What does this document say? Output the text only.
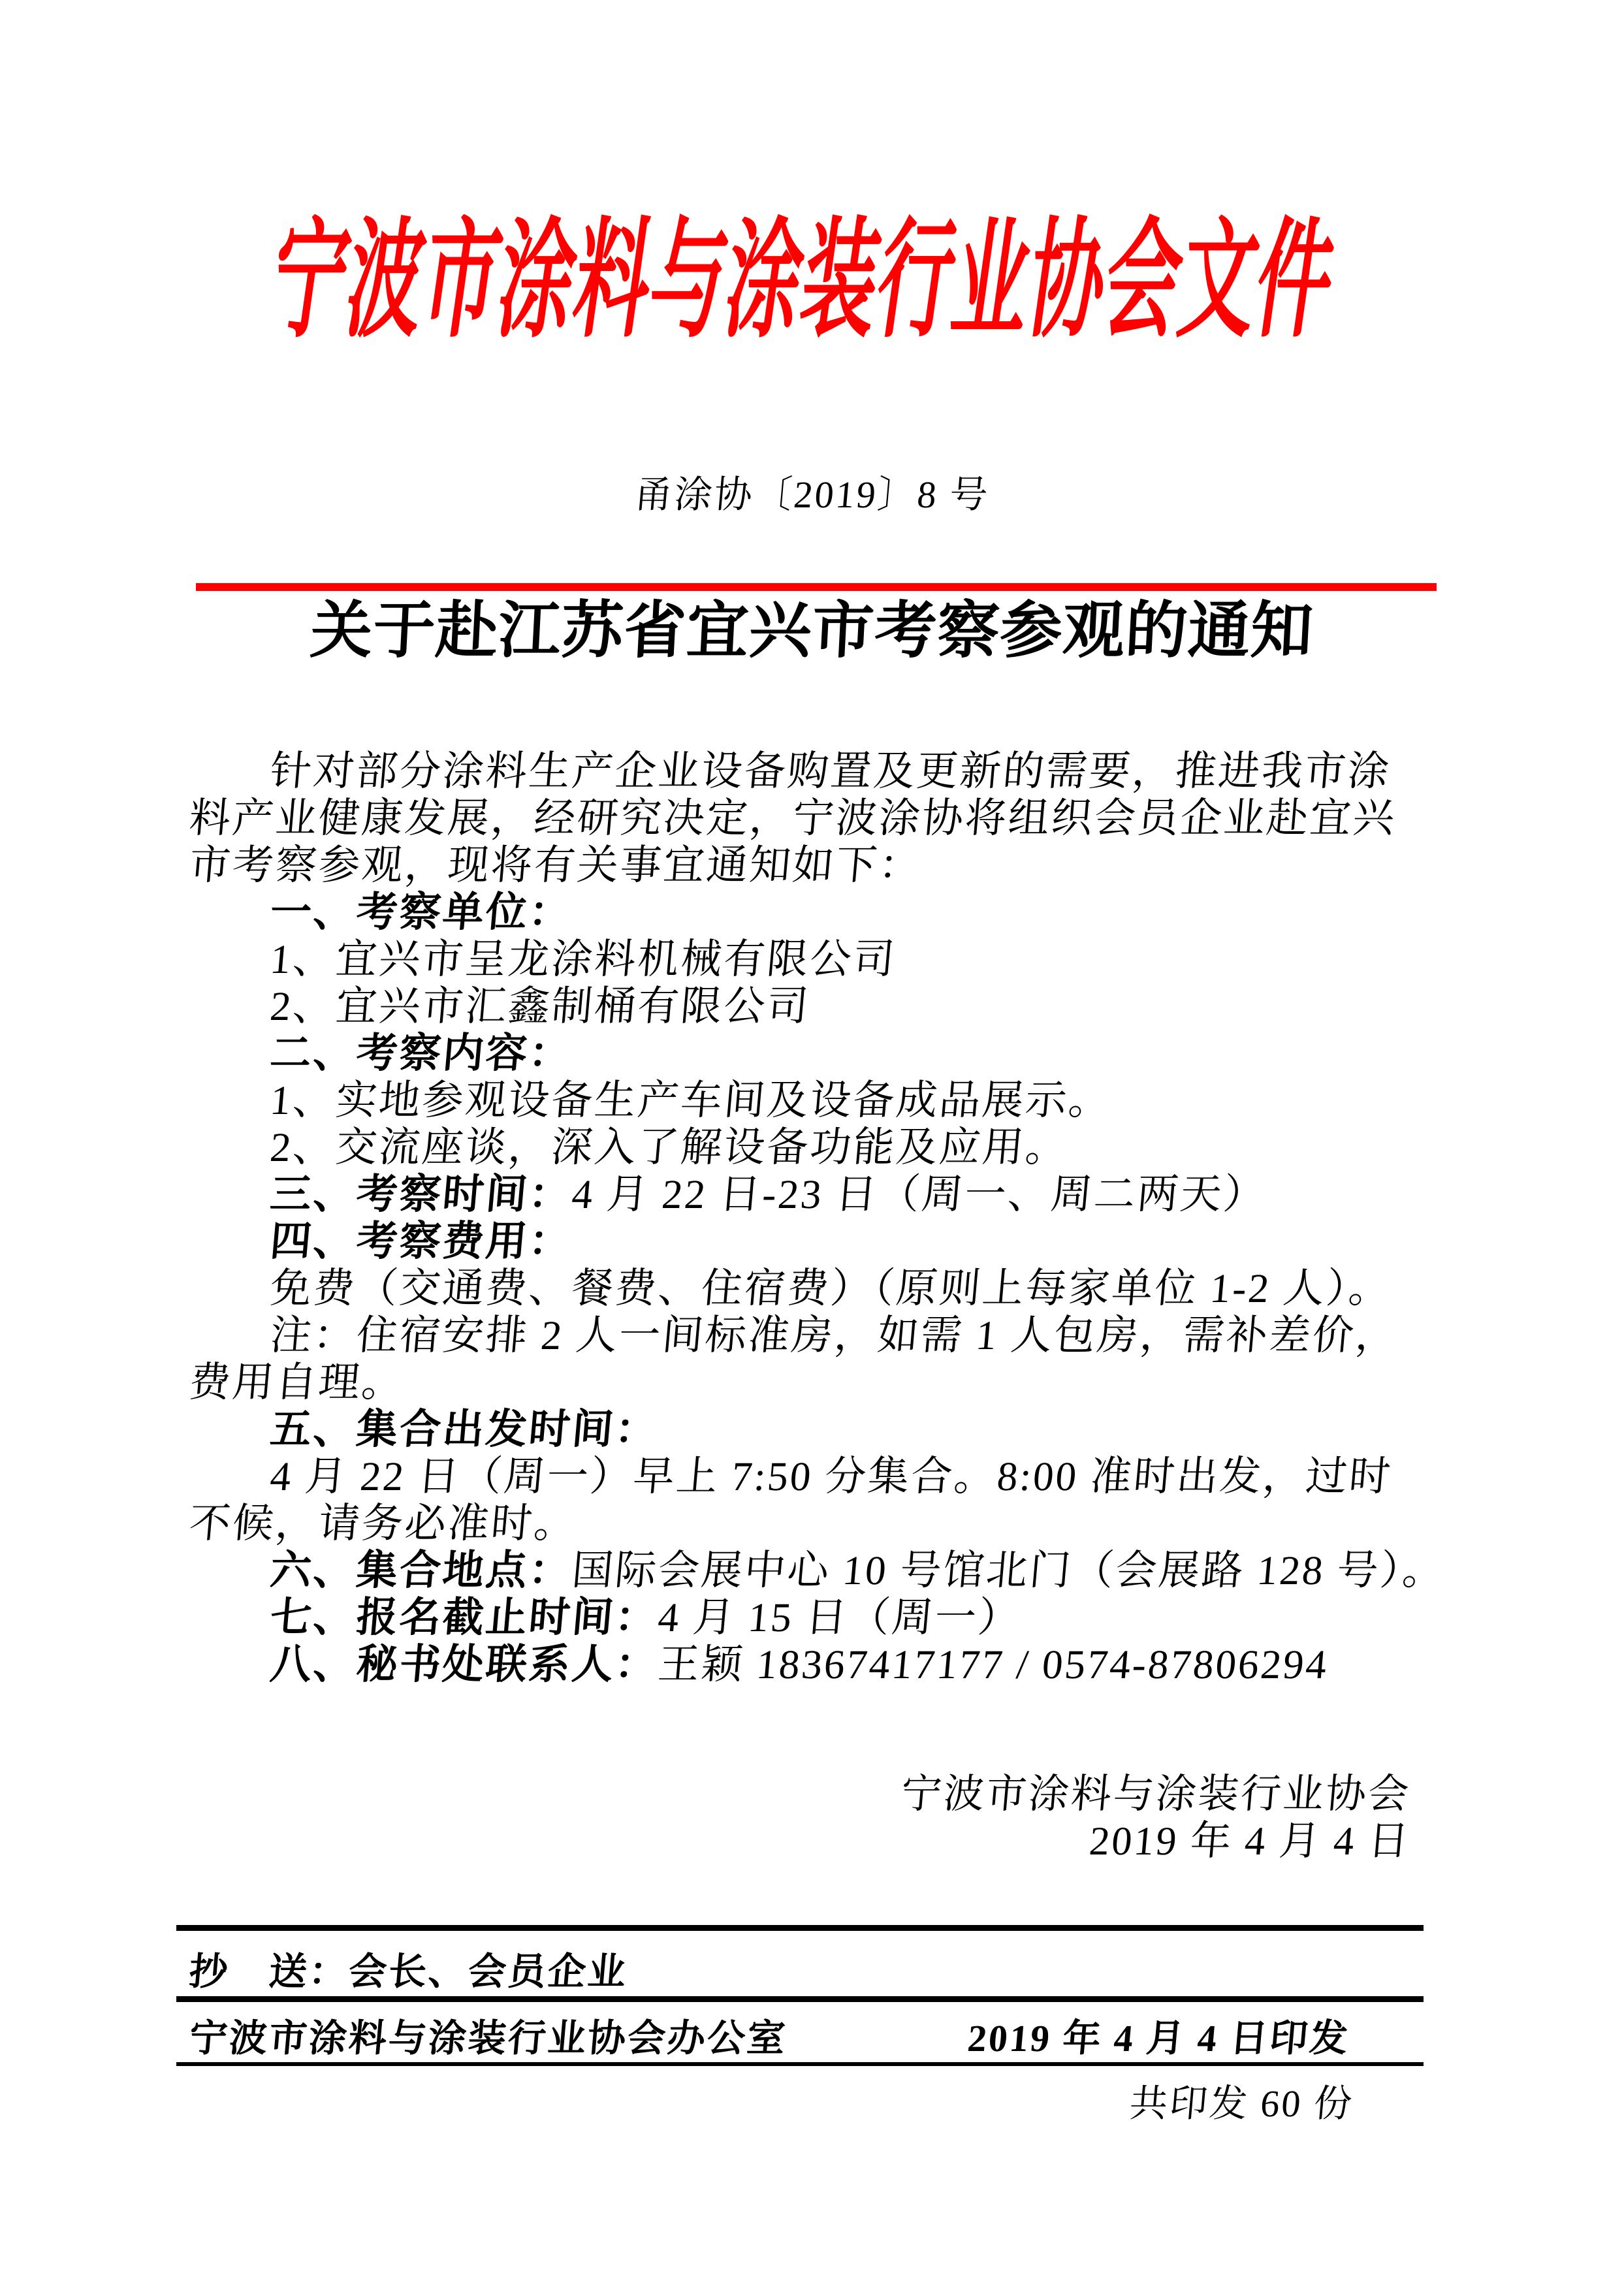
宁波市涂料与涂装行业协会文件
甬涂协〔2019〕8 号
关于赴江苏省宜兴市考察参观的通知
针对部分涂料生产企业设备购置及更新的需要，推进我市涂
料产业健康发展，经研究决定，宁波涂协将组织会员企业赴宜兴
市考察参观，现将有关事宜通知如下：
一、考察单位：
1、宜兴市呈龙涂料机械有限公司
2、宜兴市汇鑫制桶有限公司
二、考察内容：
1、实地参观设备生产车间及设备成品展示。
2、交流座谈，深入了解设备功能及应用。
三、考察时间：4 月 22 日-23 日（周一、周二两天）
四、考察费用：
免费（交通费、餐费、住宿费）（原则上每家单位 1-2 人）。
注：住宿安排 2 人一间标准房，如需 1 人包房，需补差价，
费用自理。
五、集合出发时间：
4 月 22 日（周一）早上 7:50 分集合。8:00 准时出发，过时
不候，请务必准时。
六、集合地点：国际会展中心 10 号馆北门（会展路 128 号）。
七、报名截止时间：4 月 15 日（周一）
八、秘书处联系人：王颖 18367417177 / 0574-87806294
宁波市涂料与涂装行业协会
2019 年 4 月 4 日
抄　送：会长、会员企业
宁波市涂料与涂装行业协会办公室	2019 年 4 月 4 日印发
共印发 60 份
